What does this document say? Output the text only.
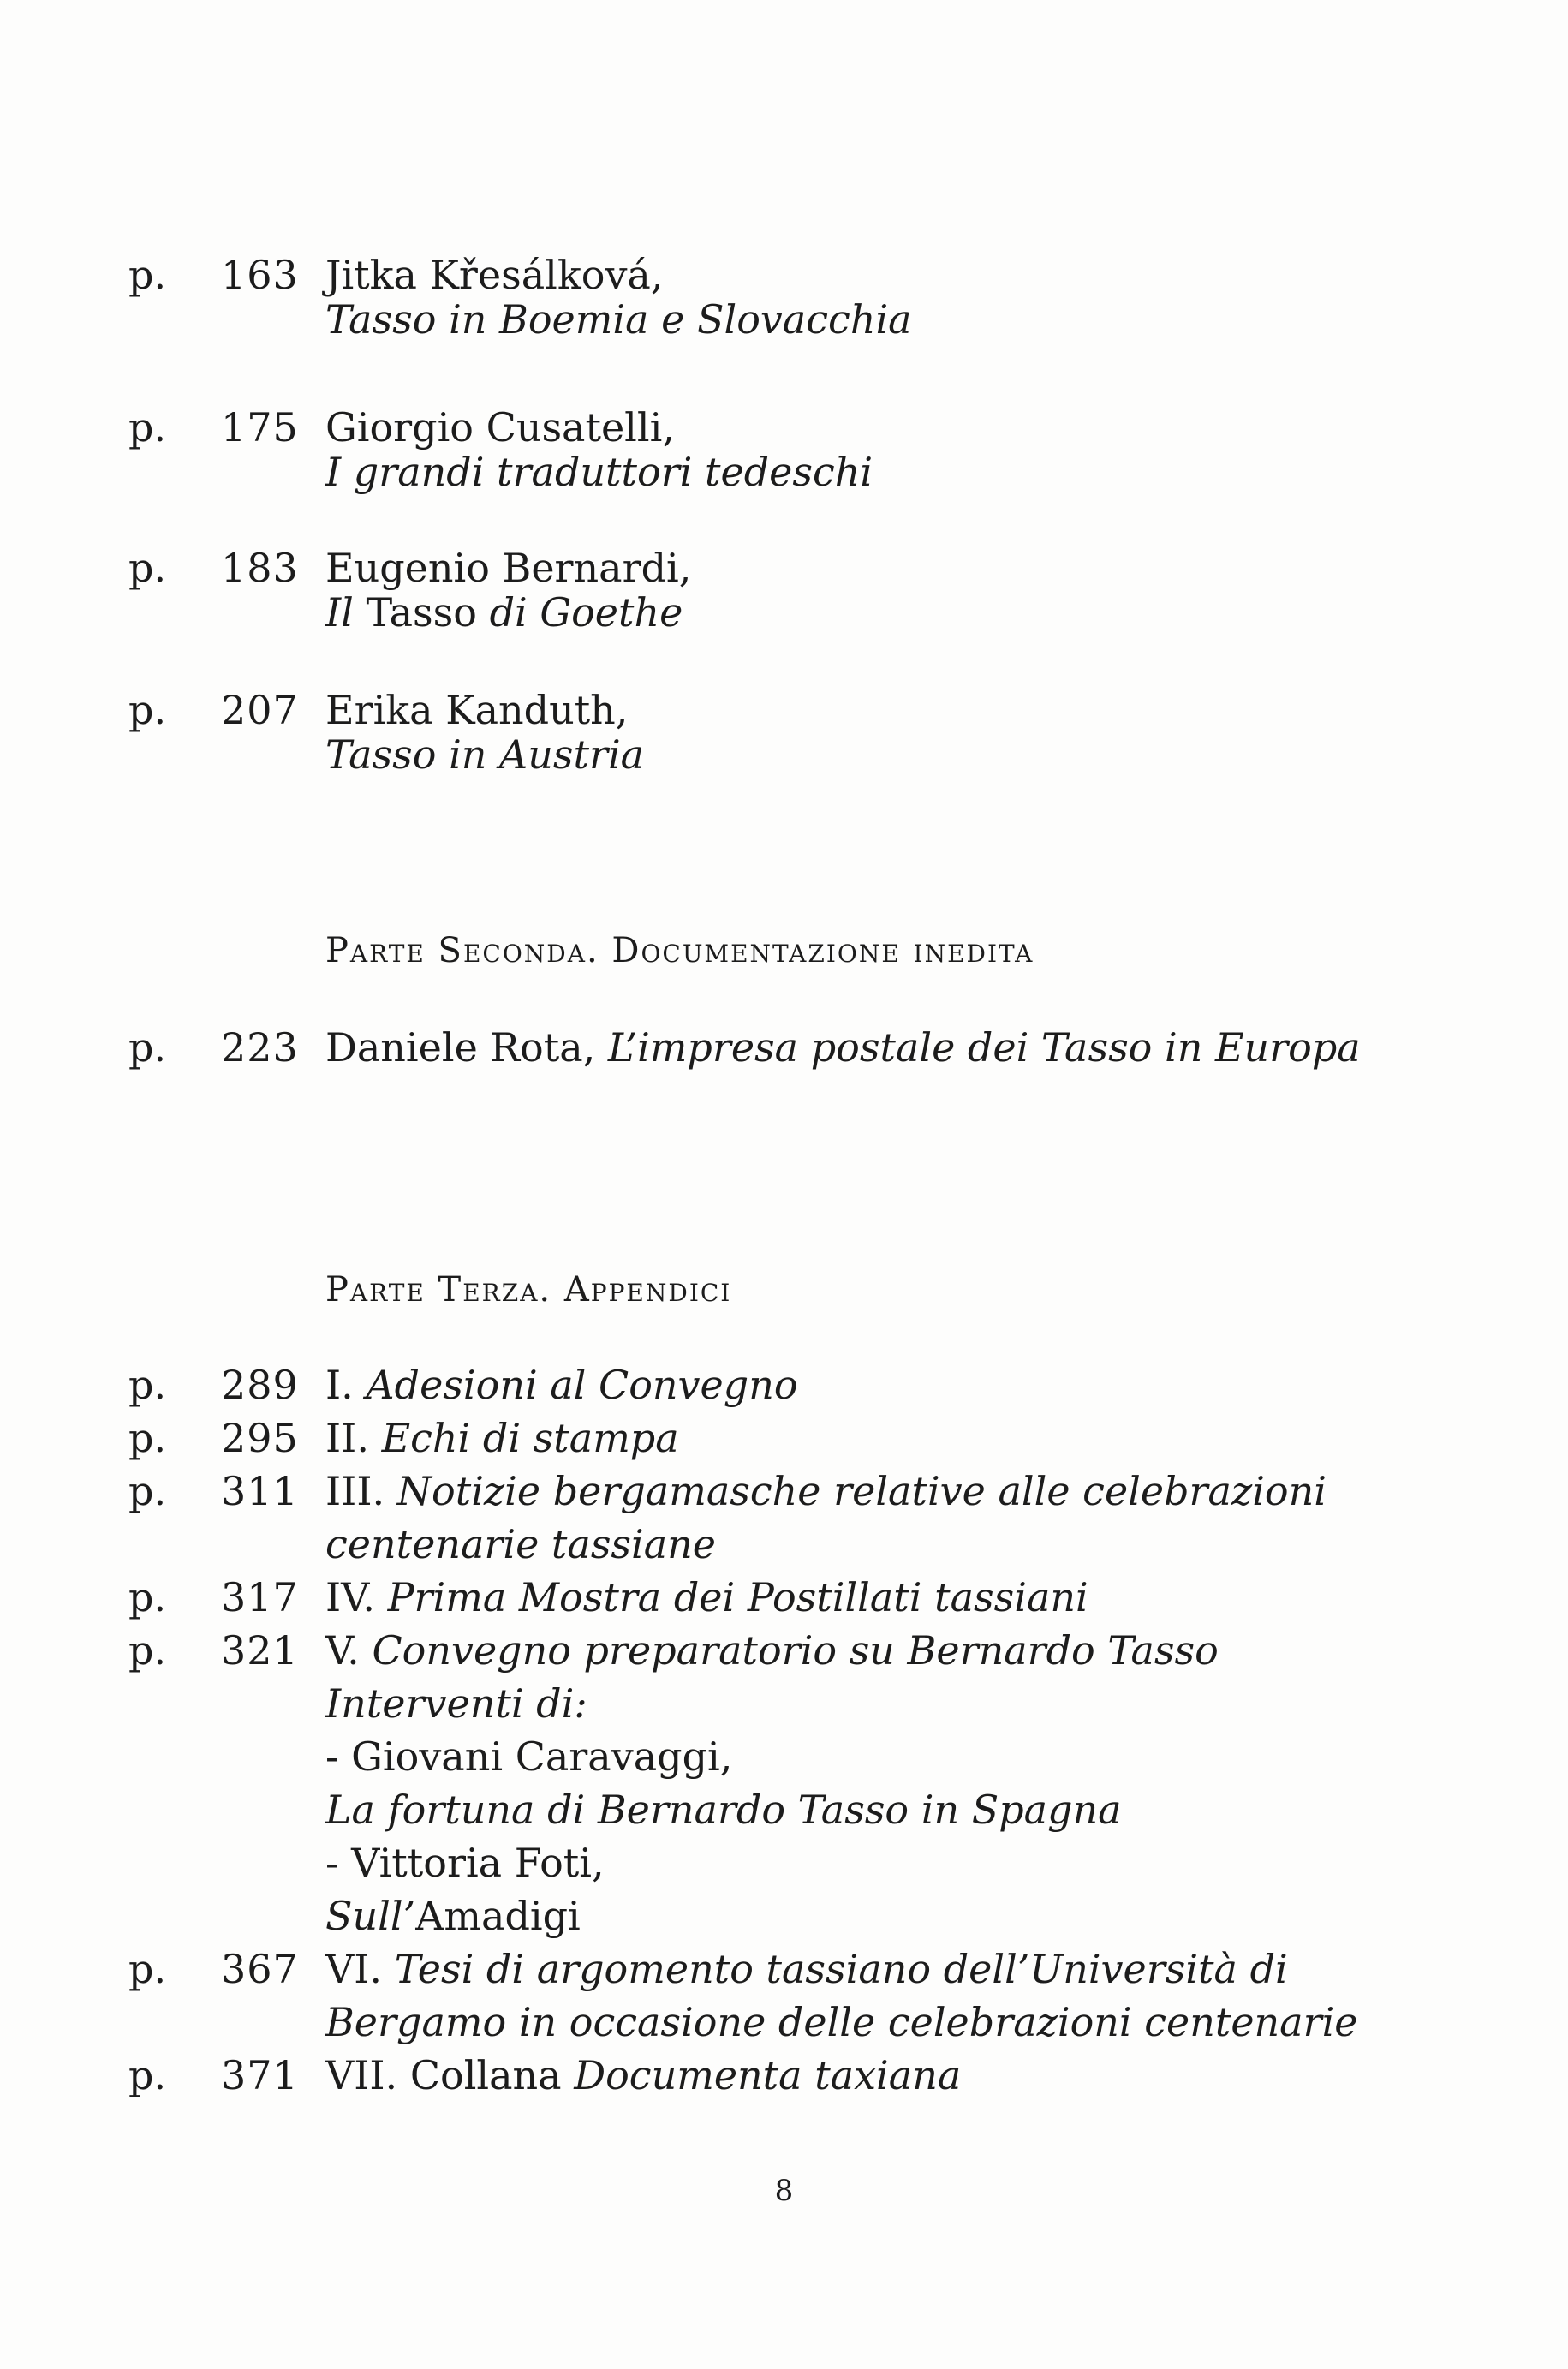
p. 163 Jitka Křesálková,
Tasso in Boemia e Slovacchia
p. 175 Giorgio Cusatelli,
I grandi traduttori tedeschi
p. 183 Eugenio Bernardi,
Il Tasso di Goethe
p. 207 Erika Kanduth,
Tasso in Austria
Parte Seconda. Documentazione inedita
p. 223 Daniele Rota, L’impresa postale dei Tasso in Europa
Parte Terza. Appendici
p. 289 I. Adesioni al Convegno
p. 295 II. Echi di stampa
p. 311 III. Notizie bergamasche relative alle celebrazioni
centenarie tassiane
p. 317 IV. Prima Mostra dei Postillati tassiani
p. 321 V. Convegno preparatorio su Bernardo Tasso
Interventi di:
- Giovani Caravaggi,
La fortuna di Bernardo Tasso in Spagna
- Vittoria Foti,
Sull’Amadigi
p. 367 VI. Tesi di argomento tassiano dell’Università di
Bergamo in occasione delle celebrazioni centenarie
p. 371 VII. Collana Documenta taxiana
8
